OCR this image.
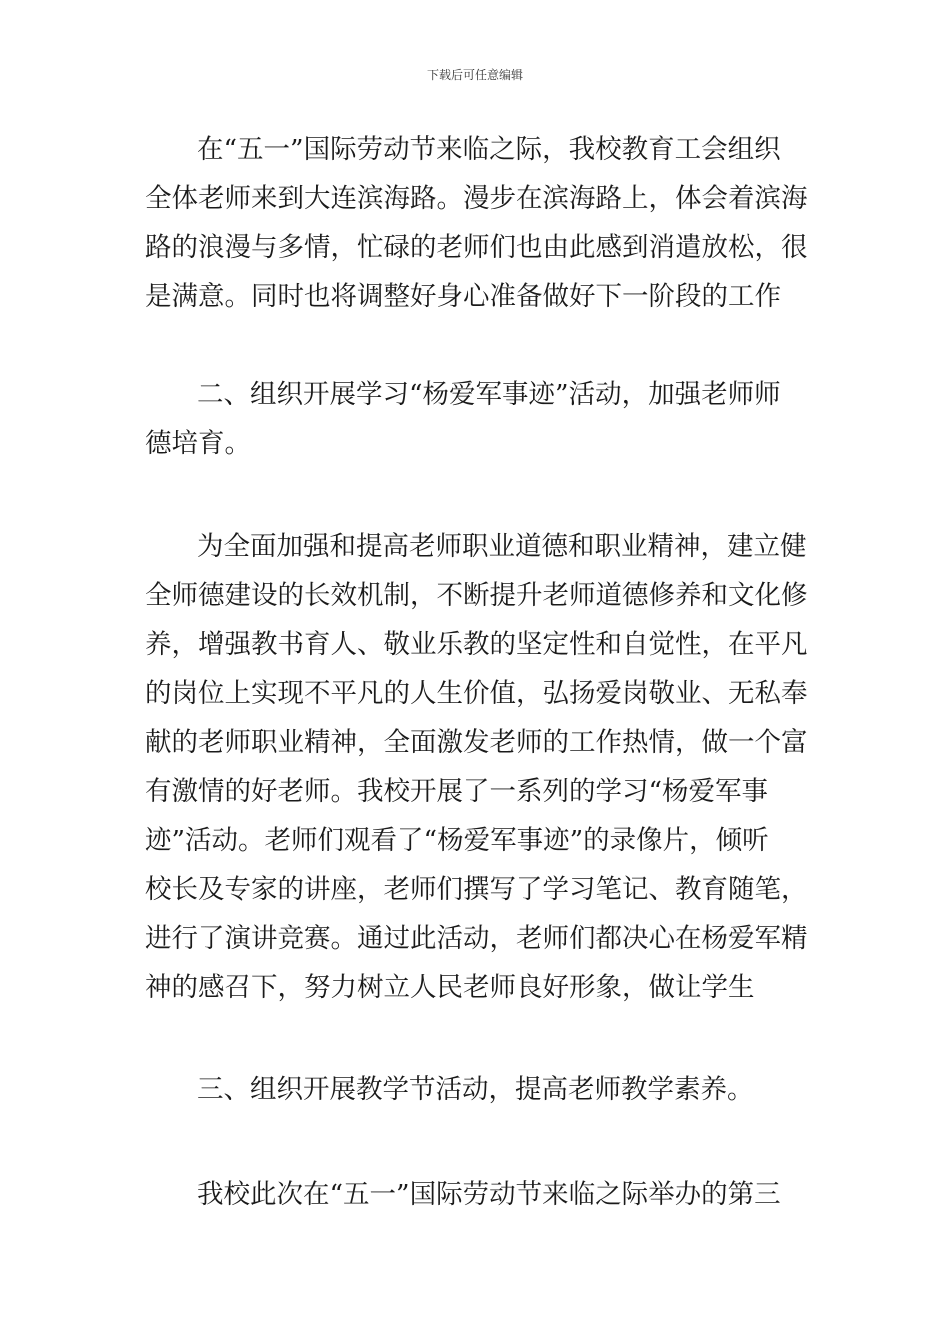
下载后可任意编辑
在“五一”国际劳动节来临之际，我校教育工会组织
全体老师来到大连滨海路。漫步在滨海路上，体会着滨海
路的浪漫与多情，忙碌的老师们也由此感到消遣放松，很
是满意。同时也将调整好身心准备做好下一阶段的工作
二、组织开展学习“杨爱军事迹”活动，加强老师师
德培育。
为全面加强和提高老师职业道德和职业精神，建立健
全师德建设的长效机制，不断提升老师道德修养和文化修
养，增强教书育人、敬业乐教的坚定性和自觉性，在平凡
的岗位上实现不平凡的人生价值，弘扬爱岗敬业、无私奉
献的老师职业精神，全面激发老师的工作热情，做一个富
有激情的好老师。我校开展了一系列的学习“杨爱军事
迹”活动。老师们观看了“杨爱军事迹”的录像片，倾听
校长及专家的讲座，老师们撰写了学习笔记、教育随笔，
进行了演讲竞赛。通过此活动，老师们都决心在杨爱军精
神的感召下，努力树立人民老师良好形象，做让学生
三、组织开展教学节活动，提高老师教学素养。
我校此次在“五一”国际劳动节来临之际举办的第三
